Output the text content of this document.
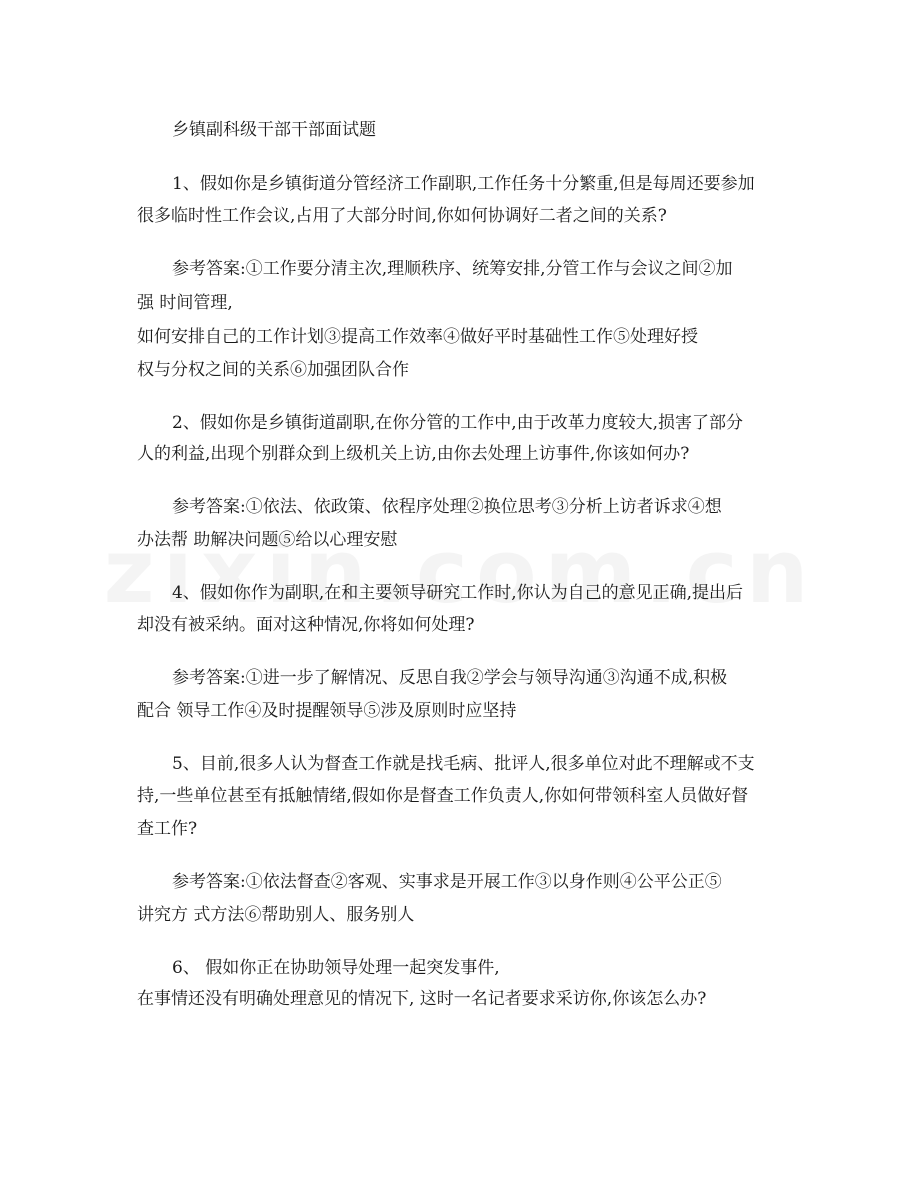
乡镇副科级干部干部面试题
1、假如你是乡镇街道分管经济工作副职,工作任务十分繁重,但是每周还要参加
很多临时性工作会议,占用了大部分时间,你如何协调好二者之间的关系?
参考答案:①工作要分清主次,理顺秩序、统筹安排,分管工作与会议之间②加
强 时间管理,
如何安排自己的工作计划③提高工作效率④做好平时基础性工作⑤处理好授
权与分权之间的关系⑥加强团队合作
2、假如你是乡镇街道副职,在你分管的工作中,由于改革力度较大,损害了部分
人的利益,出现个别群众到上级机关上访,由你去处理上访事件,你该如何办?
参考答案:①依法、依政策、依程序处理②换位思考③分析上访者诉求④想
办法帮 助解决问题⑤给以心理安慰
4、假如你作为副职,在和主要领导研究工作时,你认为自己的意见正确,提出后
却没有被采纳。面对这种情况,你将如何处理?
参考答案:①进一步了解情况、反思自我②学会与领导沟通③沟通不成,积极
配合 领导工作④及时提醒领导⑤涉及原则时应坚持
5、目前,很多人认为督查工作就是找毛病、批评人,很多单位对此不理解或不支
持,一些单位甚至有抵触情绪,假如你是督查工作负责人,你如何带领科室人员做好督
查工作?
参考答案:①依法督查②客观、实事求是开展工作③以身作则④公平公正⑤
讲究方 式方法⑥帮助别人、服务别人
6、 假如你正在协助领导处理一起突发事件,
在事情还没有明确处理意见的情况下, 这时一名记者要求采访你,你该怎么办?
